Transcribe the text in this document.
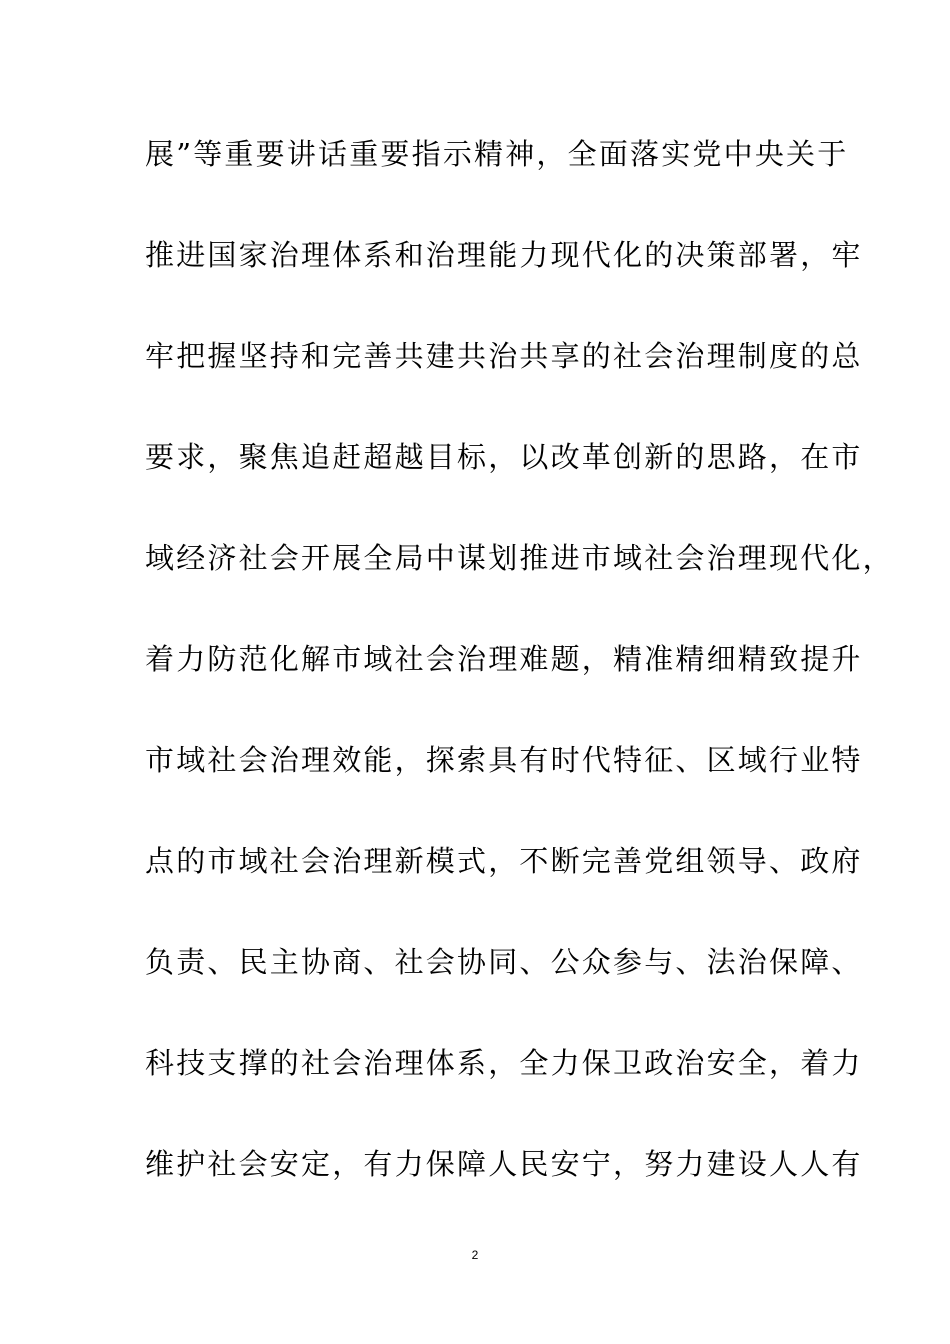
展”等重要讲话重要指示精神，全面落实党中央关于
推进国家治理体系和治理能力现代化的决策部署，牢
牢把握坚持和完善共建共治共享的社会治理制度的总
要求，聚焦追赶超越目标，以改革创新的思路，在市
域经济社会开展全局中谋划推进市域社会治理现代化，
着力防范化解市域社会治理难题，精准精细精致提升
市域社会治理效能，探索具有时代特征、区域行业特
点的市域社会治理新模式，不断完善党组领导、政府
负责、民主协商、社会协同、公众参与、法治保障、
科技支撑的社会治理体系，全力保卫政治安全，着力
维护社会安定，有力保障人民安宁，努力建设人人有
2
